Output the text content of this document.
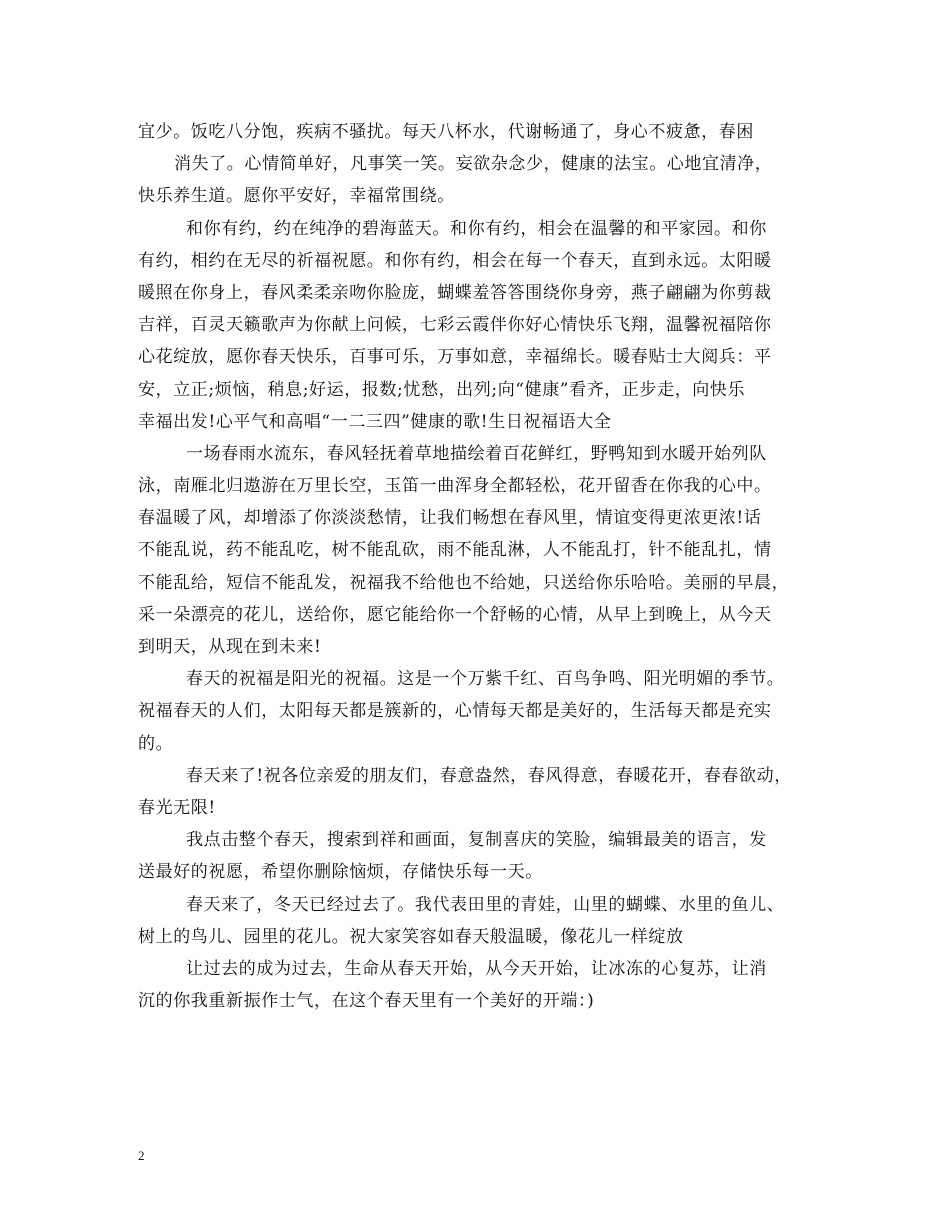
宜少。饭吃八分饱，疾病不骚扰。每天八杯水，代谢畅通了，身心不疲惫，春困
消失了。心情简单好，凡事笑一笑。妄欲杂念少，健康的法宝。心地宜清净，
快乐养生道。愿你平安好，幸福常围绕。
和你有约，约在纯净的碧海蓝天。和你有约，相会在温馨的和平家园。和你
有约，相约在无尽的祈福祝愿。和你有约，相会在每一个春天，直到永远。太阳暖
暖照在你身上，春风柔柔亲吻你脸庞，蝴蝶羞答答围绕你身旁，燕子翩翩为你剪裁
吉祥，百灵天籁歌声为你献上问候，七彩云霞伴你好心情快乐飞翔，温馨祝福陪你
心花绽放，愿你春天快乐，百事可乐，万事如意，幸福绵长。暖春贴士大阅兵：平
安，立正;烦恼，稍息;好运，报数;忧愁，出列;向“健康”看齐，正步走，向快乐
幸福出发!心平气和高唱“一二三四”健康的歌!生日祝福语大全
一场春雨水流东，春风轻抚着草地描绘着百花鲜红，野鸭知到水暖开始列队
泳，南雁北归遨游在万里长空，玉笛一曲浑身全都轻松，花开留香在你我的心中。
春温暖了风，却增添了你淡淡愁情，让我们畅想在春风里，情谊变得更浓更浓!话
不能乱说，药不能乱吃，树不能乱砍，雨不能乱淋，人不能乱打，针不能乱扎，情
不能乱给，短信不能乱发，祝福我不给他也不给她，只送给你乐哈哈。美丽的早晨，
采一朵漂亮的花儿，送给你，愿它能给你一个舒畅的心情，从早上到晚上，从今天
到明天，从现在到未来!
春天的祝福是阳光的祝福。这是一个万紫千红、百鸟争鸣、阳光明媚的季节。
祝福春天的人们，太阳每天都是簇新的，心情每天都是美好的，生活每天都是充实
的。
春天来了!祝各位亲爱的朋友们，春意盎然，春风得意，春暖花开，春春欲动，
春光无限!
我点击整个春天，搜索到祥和画面，复制喜庆的笑脸，编辑最美的语言，发
送最好的祝愿，希望你删除恼烦，存储快乐每一天。
春天来了，冬天已经过去了。我代表田里的青娃，山里的蝴蝶、水里的鱼儿、
树上的鸟儿、园里的花儿。祝大家笑容如春天般温暖，像花儿一样绽放
让过去的成为过去，生命从春天开始，从今天开始，让冰冻的心复苏，让消
沉的你我重新振作士气，在这个春天里有一个美好的开端：)
2
